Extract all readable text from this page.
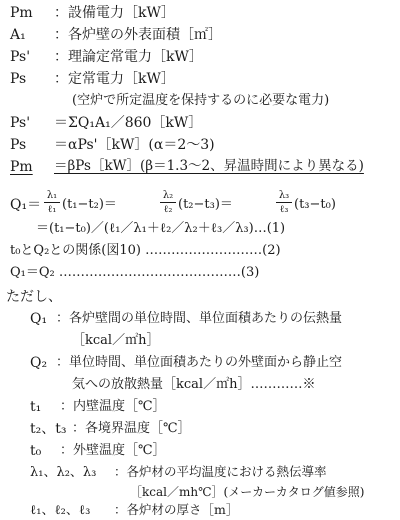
Pm ：設備電力［kW］
A₁ ：各炉壁の外表面積［㎡］
Ps' ：理論定常電力［kW］
Ps ：定常電力［kW］
(空炉で所定温度を保持するのに必要な電力)
Ps' ＝ΣQ₁A₁／860［kW］
Ps ＝αPs'［kW］(α＝2～3)
Pm ＝βPs［kW］(β＝1.3～2、昇温時間により異なる)
Q₁＝
λ₁
ℓ₁ (t₁−t₂)＝
λ₂
ℓ₂ (t₂−t₃)＝
λ₃
ℓ₃ (t₃−t₀)
＝(t₁−t₀)／(ℓ₁／λ₁＋ℓ₂／λ₂＋ℓ₃／λ₃)…(1)
t₀とQ₂との関係(図10) ………………………(2)
Q₁＝Q₂ ……………………………………(3)
ただし、
Q₁ ：各炉壁間の単位時間、単位面積あたりの伝熱量
［kcal／㎡h］
Q₂ ：単位時間、単位面積あたりの外壁面から静止空
気への放散熱量［kcal／㎡h］…………※
t₁ ：内壁温度［℃］
t₂、t₃ ：各境界温度［℃］
t₀ ：外壁温度［℃］
λ₁、λ₂、λ₃ ：各炉材の平均温度における熱伝導率
［kcal／mh℃］(メーカーカタログ値参照)
ℓ₁、ℓ₂、ℓ₃ ：各炉材の厚さ［m］
